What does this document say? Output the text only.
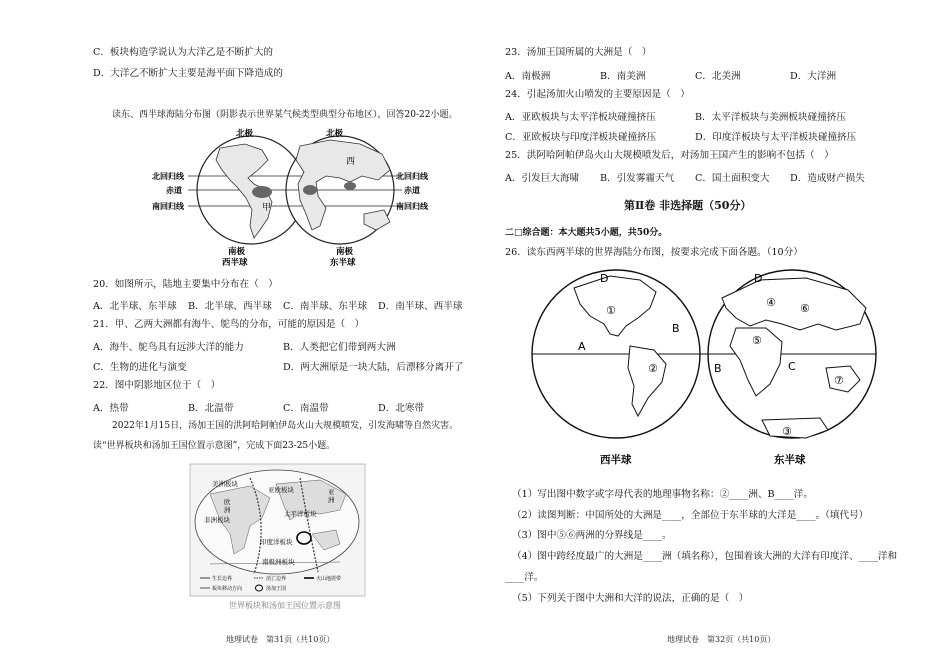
C．板块构造学说认为大洋乙是不断扩大的
D．大洋乙不断扩大主要是海平面下降造成的
读东、西半球海陆分布图（阴影表示世界某气候类型典型分布地区），回答20-22小题。
北极	北极
北回归线
赤道
南回归线
北回归线
赤道
南回归线
西
甲
南极
西半球
南极
东半球
20．如图所示，陆地主要集中分布在（　）
A．北半球、东半球 B．北半球、西半球 C．南半球、东半球 D．南半球、西半球
21．甲、乙两大洲都有海牛、鸵鸟的分布，可能的原因是（　）
A．海牛、鸵鸟具有远涉大洋的能力	B．人类把它们带到两大洲
C．生物的进化与演变	D．两大洲原是一块大陆，后漂移分离开了
22．图中阴影地区位于（　）
A．热带	B．北温带	C．南温带	D．北寒带
2022年1月15日，汤加王国的洪阿哈阿帕伊岛火山大规模喷发，引发海啸等自然灾害。
读“世界板块和汤加王国位置示意图”，完成下面23-25小题。
美洲板块
亚欧板块
太平洋板块
非洲板块
印度洋板块
南极洲板块
欧
洲
亚
洲
生长边界	消亡边界	火山地震带
板块移动方向	汤加王国
世界板块和汤加王国位置示意图
地理试卷　第31页（共10页）
23．汤加王国所属的大洲是（　）
A．南极洲	B．南美洲	C．北美洲	D．大洋洲
24．引起汤加火山喷发的主要原因是（　）
A．亚欧板块与太平洋板块碰撞挤压	B．太平洋板块与美洲板块碰撞挤压
C．亚欧板块与印度洋板块碰撞挤压	D．印度洋板块与太平洋板块碰撞挤压
25．洪阿哈阿帕伊岛火山大规模喷发后，对汤加王国产生的影响不包括（　）
A．引发巨大海啸 B．引发雾霾天气 C．国土面积变大 D．造成财产损失
第Ⅱ卷 非选择题（50分）
二□综合题：本大题共5小题，共50分。
26．读东西两半球的世界海陆分布图，按要求完成下面各题。（10分）
①
②
③
④
⑤
⑥
⑦
A
B
B	C
D	D
西半球	东半球
（1）写出图中数字或字母代表的地理事物名称：②____洲、B____洋。
（2）读图判断：中国所处的大洲是____，全部位于东半球的大洋是____。（填代号）
（3）图中⑤⑥两洲的分界线是____。
（4）图中跨经度最广的大洲是____洲（填名称），包围着该大洲的大洋有印度洋、____洋和
____洋。
（5）下列关于图中大洲和大洋的说法，正确的是（　）
地理试卷　第32页（共10页）
